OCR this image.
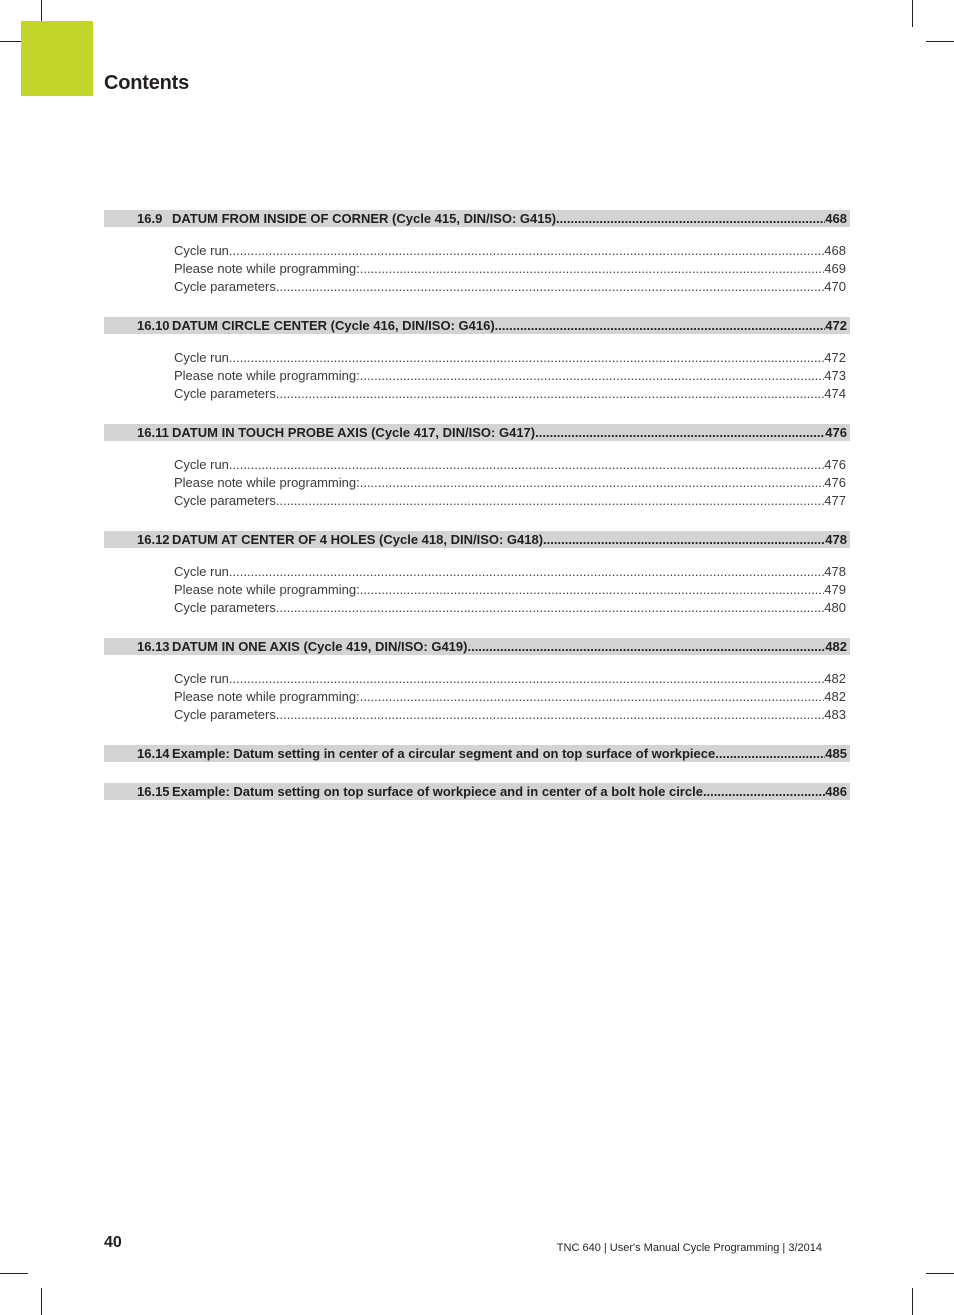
Contents
16.9 DATUM FROM INSIDE OF CORNER (Cycle 415, DIN/ISO: G415) .....	468
Cycle run .....	468
Please note while programming: .....	469
Cycle parameters .....	470
16.10 DATUM CIRCLE CENTER (Cycle 416, DIN/ISO: G416) .....	472
Cycle run .....	472
Please note while programming: .....	473
Cycle parameters .....	474
16.11 DATUM IN TOUCH PROBE AXIS (Cycle 417, DIN/ISO: G417) .....	476
Cycle run .....	476
Please note while programming: .....	476
Cycle parameters .....	477
16.12 DATUM AT CENTER OF 4 HOLES (Cycle 418, DIN/ISO: G418) .....	478
Cycle run .....	478
Please note while programming: .....	479
Cycle parameters .....	480
16.13 DATUM IN ONE AXIS (Cycle 419, DIN/ISO: G419) .....	482
Cycle run .....	482
Please note while programming: .....	482
Cycle parameters .....	483
16.14 Example: Datum setting in center of a circular segment and on top surface of workpiece .....	485
16.15 Example: Datum setting on top surface of workpiece and in center of a bolt hole circle .....	486
40	TNC 640 | User's Manual Cycle Programming | 3/2014
